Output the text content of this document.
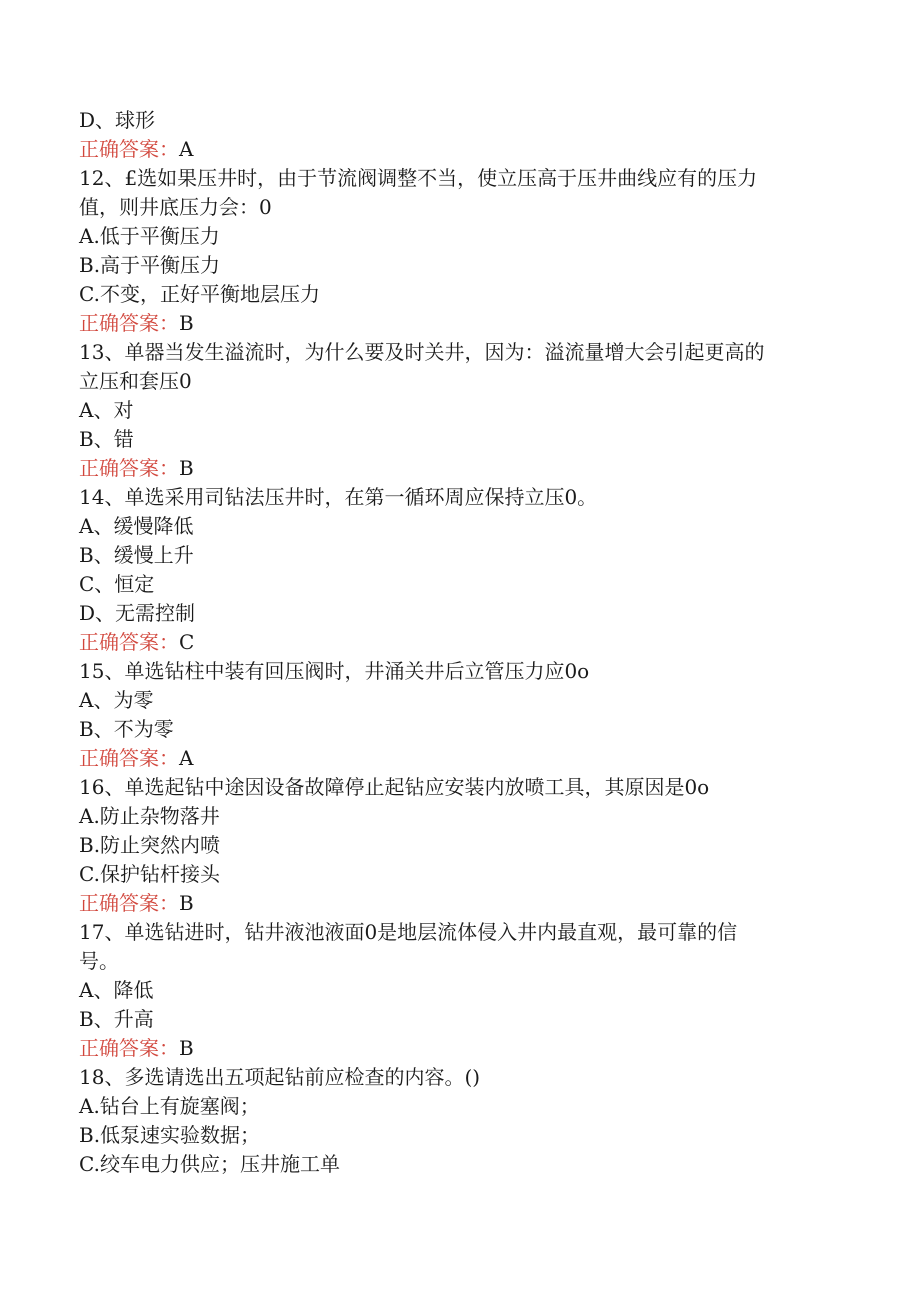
D、球形
正确答案：A
12、£选如果压井时，由于节流阀调整不当，使立压高于压井曲线应有的压力
值，则井底压力会：0
A.低于平衡压力
B.高于平衡压力
C.不变，正好平衡地层压力
正确答案：B
13、单器当发生溢流时，为什么要及时关井，因为：溢流量增大会引起更高的
立压和套压0
A、对
B、错
正确答案：B
14、单选采用司钻法压井时，在第一循环周应保持立压0。
A、缓慢降低
B、缓慢上升
C、恒定
D、无需控制
正确答案：C
15、单选钻柱中装有回压阀时，井涌关井后立管压力应0o
A、为零
B、不为零
正确答案：A
16、单选起钻中途因设备故障停止起钻应安装内放喷工具，其原因是0o
A.防止杂物落井
B.防止突然内喷
C.保护钻杆接头
正确答案：B
17、单选钻进时，钻井液池液面0是地层流体侵入井内最直观，最可靠的信
号。
A、降低
B、升高
正确答案：B
18、多选请选出五项起钻前应检查的内容。()
A.钻台上有旋塞阀；
B.低泵速实验数据；
C.绞车电力供应；压井施工单
